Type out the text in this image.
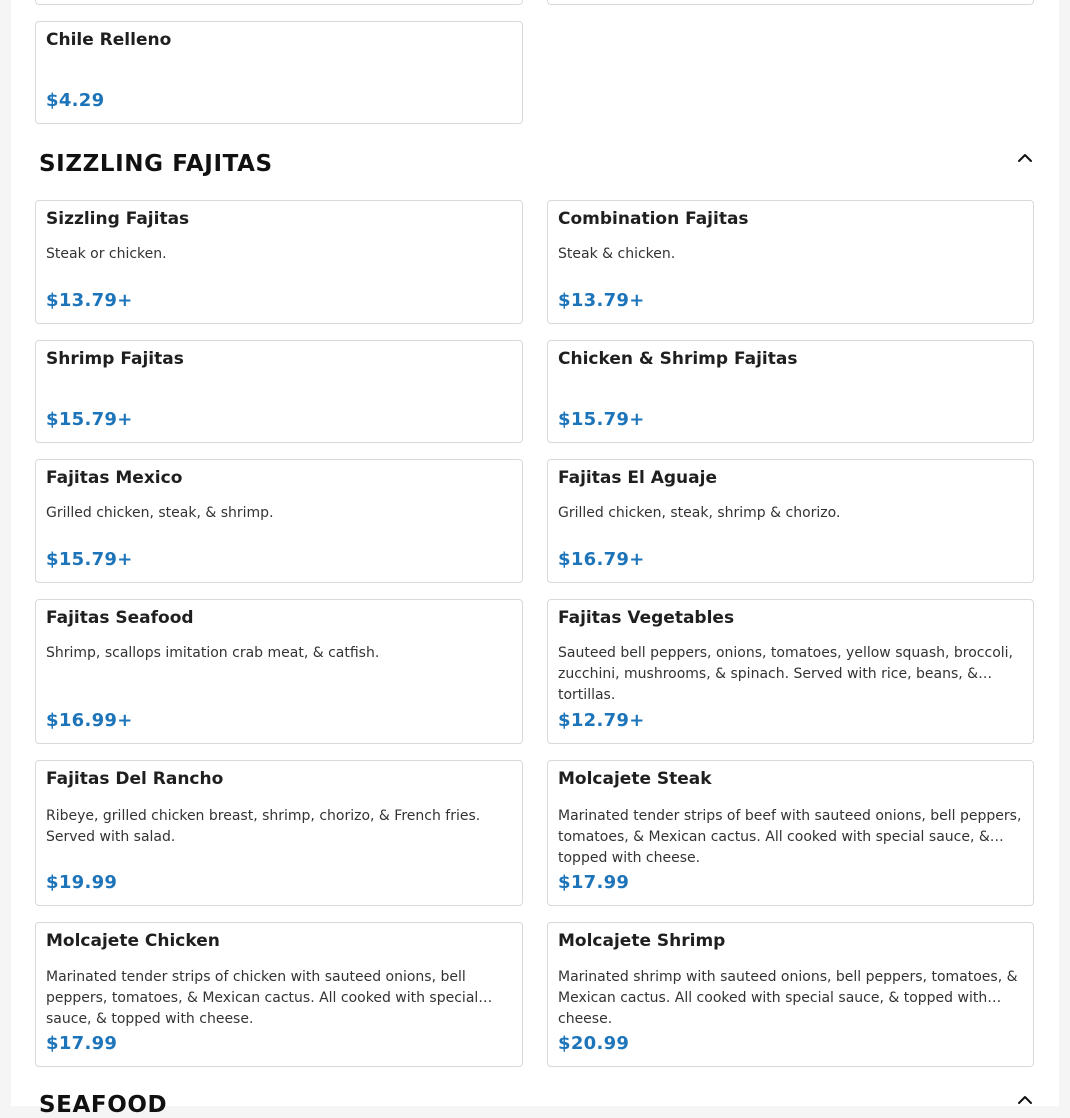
Chile Relleno
$4.29
SIZZLING FAJITAS
Sizzling Fajitas
Steak or chicken.
$13.79+
Combination Fajitas
Steak & chicken.
$13.79+
Shrimp Fajitas
$15.79+
Chicken & Shrimp Fajitas
$15.79+
Fajitas Mexico
Grilled chicken, steak, & shrimp.
$15.79+
Fajitas El Aguaje
Grilled chicken, steak, shrimp & chorizo.
$16.79+
Fajitas Seafood
Shrimp, scallops imitation crab meat, & catfish.
$16.99+
Fajitas Vegetables
Sauteed bell peppers, onions, tomatoes, yellow squash, broccoli, zucchini, mushrooms, & spinach. Served with rice, beans, & tortillas.
$12.79+
Fajitas Del Rancho
Ribeye, grilled chicken breast, shrimp, chorizo, & French fries. Served with salad.
$19.99
Molcajete Steak
Marinated tender strips of beef with sauteed onions, bell peppers, tomatoes, & Mexican cactus. All cooked with special sauce, & topped with cheese.
$17.99
Molcajete Chicken
Marinated tender strips of chicken with sauteed onions, bell peppers, tomatoes, & Mexican cactus. All cooked with special sauce, & topped with cheese.
$17.99
Molcajete Shrimp
Marinated shrimp with sauteed onions, bell peppers, tomatoes, & Mexican cactus. All cooked with special sauce, & topped with cheese.
$20.99
SEAFOOD
